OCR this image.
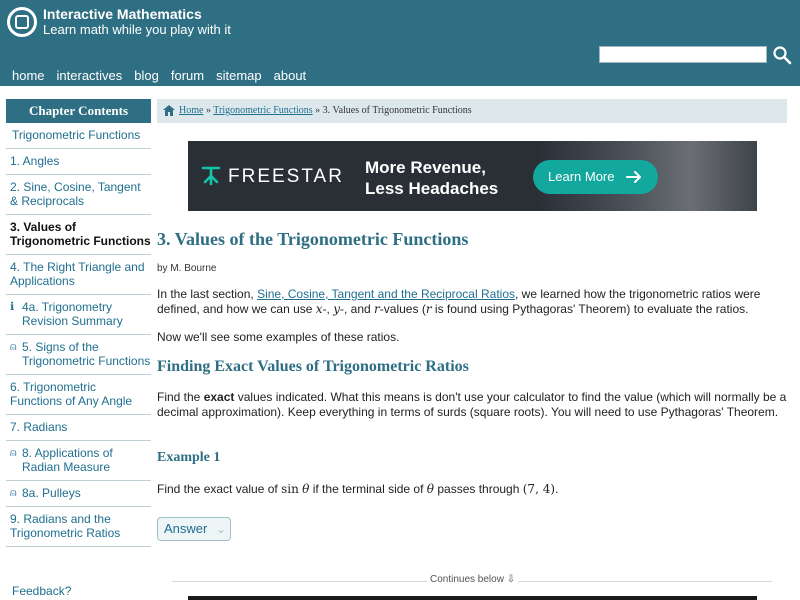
Interactive Mathematics
Learn math while you play with it
home interactives blog forum sitemap about
Chapter Contents
Trigonometric Functions
1. Angles
2. Sine, Cosine, Tangent & Reciprocals
3. Values of Trigonometric Functions
4. The Right Triangle and Applications
ℹ 4a. Trigonometry Revision Summary
⍝ 5. Signs of the Trigonometric Functions
6. Trigonometric Functions of Any Angle
7. Radians
⍝ 8. Applications of Radian Measure
⍝ 8a. Pulleys
9. Radians and the Trigonometric Ratios
Feedback?
Home » Trigonometric Functions » 3. Values of Trigonometric Functions
FREESTAR More Revenue,
Less Headaches
Learn More
3. Values of the Trigonometric Functions
by M. Bourne

In the last section, Sine, Cosine, Tangent and the Reciprocal Ratios, we learned how the trigonometric ratios were defined, and how we can use x-, y-, and r-values (r is found using Pythagoras' Theorem) to evaluate the ratios.

Now we'll see some examples of these ratios.

Finding Exact Values of Trigonometric Ratios

Find the exact values indicated. What this means is don't use your calculator to find the value (which will normally be a decimal approximation). Keep everything in terms of surds (square roots). You will need to use Pythagoras' Theorem.

Example 1

Find the exact value of sin θ if the terminal side of θ passes through (7, 4).

Answer ⌄
Continues below ⇩
